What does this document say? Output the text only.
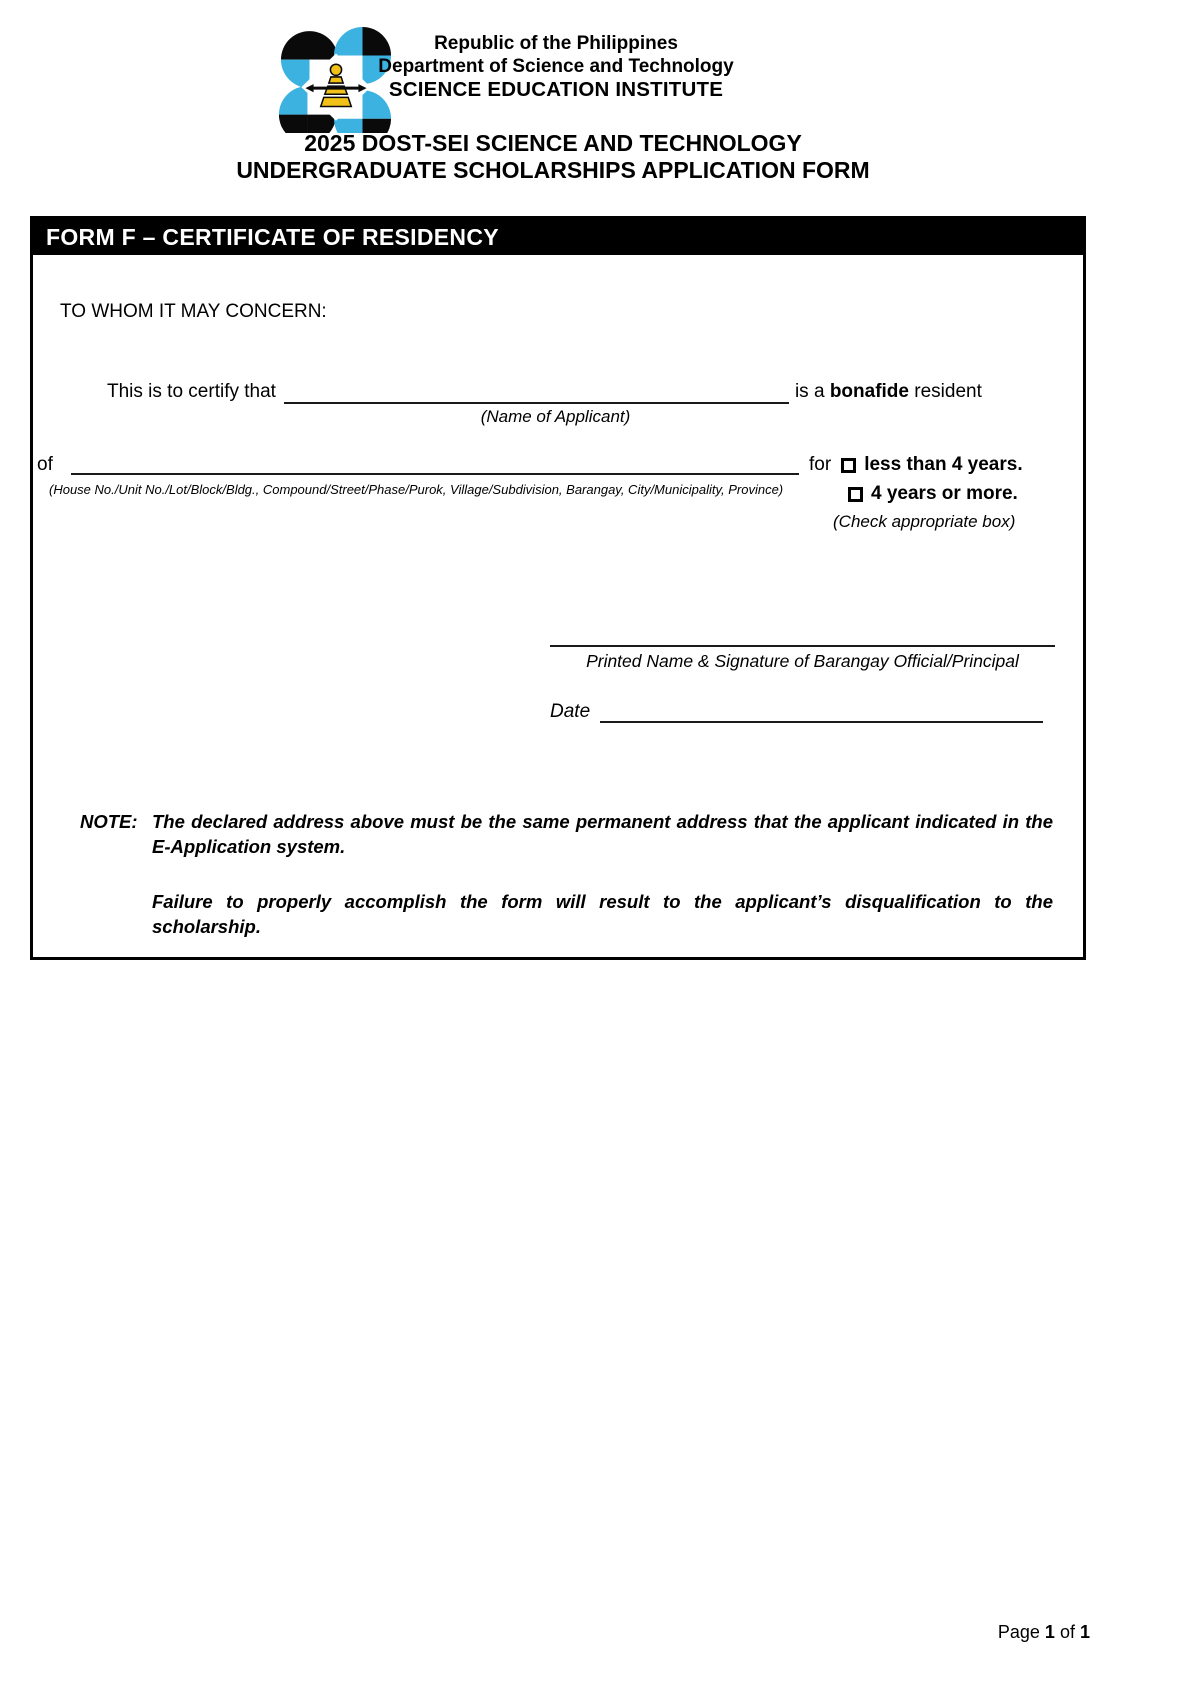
Republic of the Philippines
Department of Science and Technology
SCIENCE EDUCATION INSTITUTE
2025 DOST-SEI SCIENCE AND TECHNOLOGY
UNDERGRADUATE SCHOLARSHIPS APPLICATION FORM
FORM F – CERTIFICATE OF RESIDENCY
TO WHOM IT MAY CONCERN:
This is to certify that	is a bonafide resident
(Name of Applicant)
of
(House No./Unit No./Lot/Block/Bldg., Compound/Street/Phase/Purok, Village/Subdivision, Barangay, City/Municipality, Province)
for less than 4 years.
4 years or more.
(Check appropriate box)
Printed Name & Signature of Barangay Official/Principal
Date
NOTE: The declared address above must be the same permanent address that the applicant indicated in the E-Application system.
Failure to properly accomplish the form will result to the applicant’s disqualification to the scholarship.
Page 1 of 1
